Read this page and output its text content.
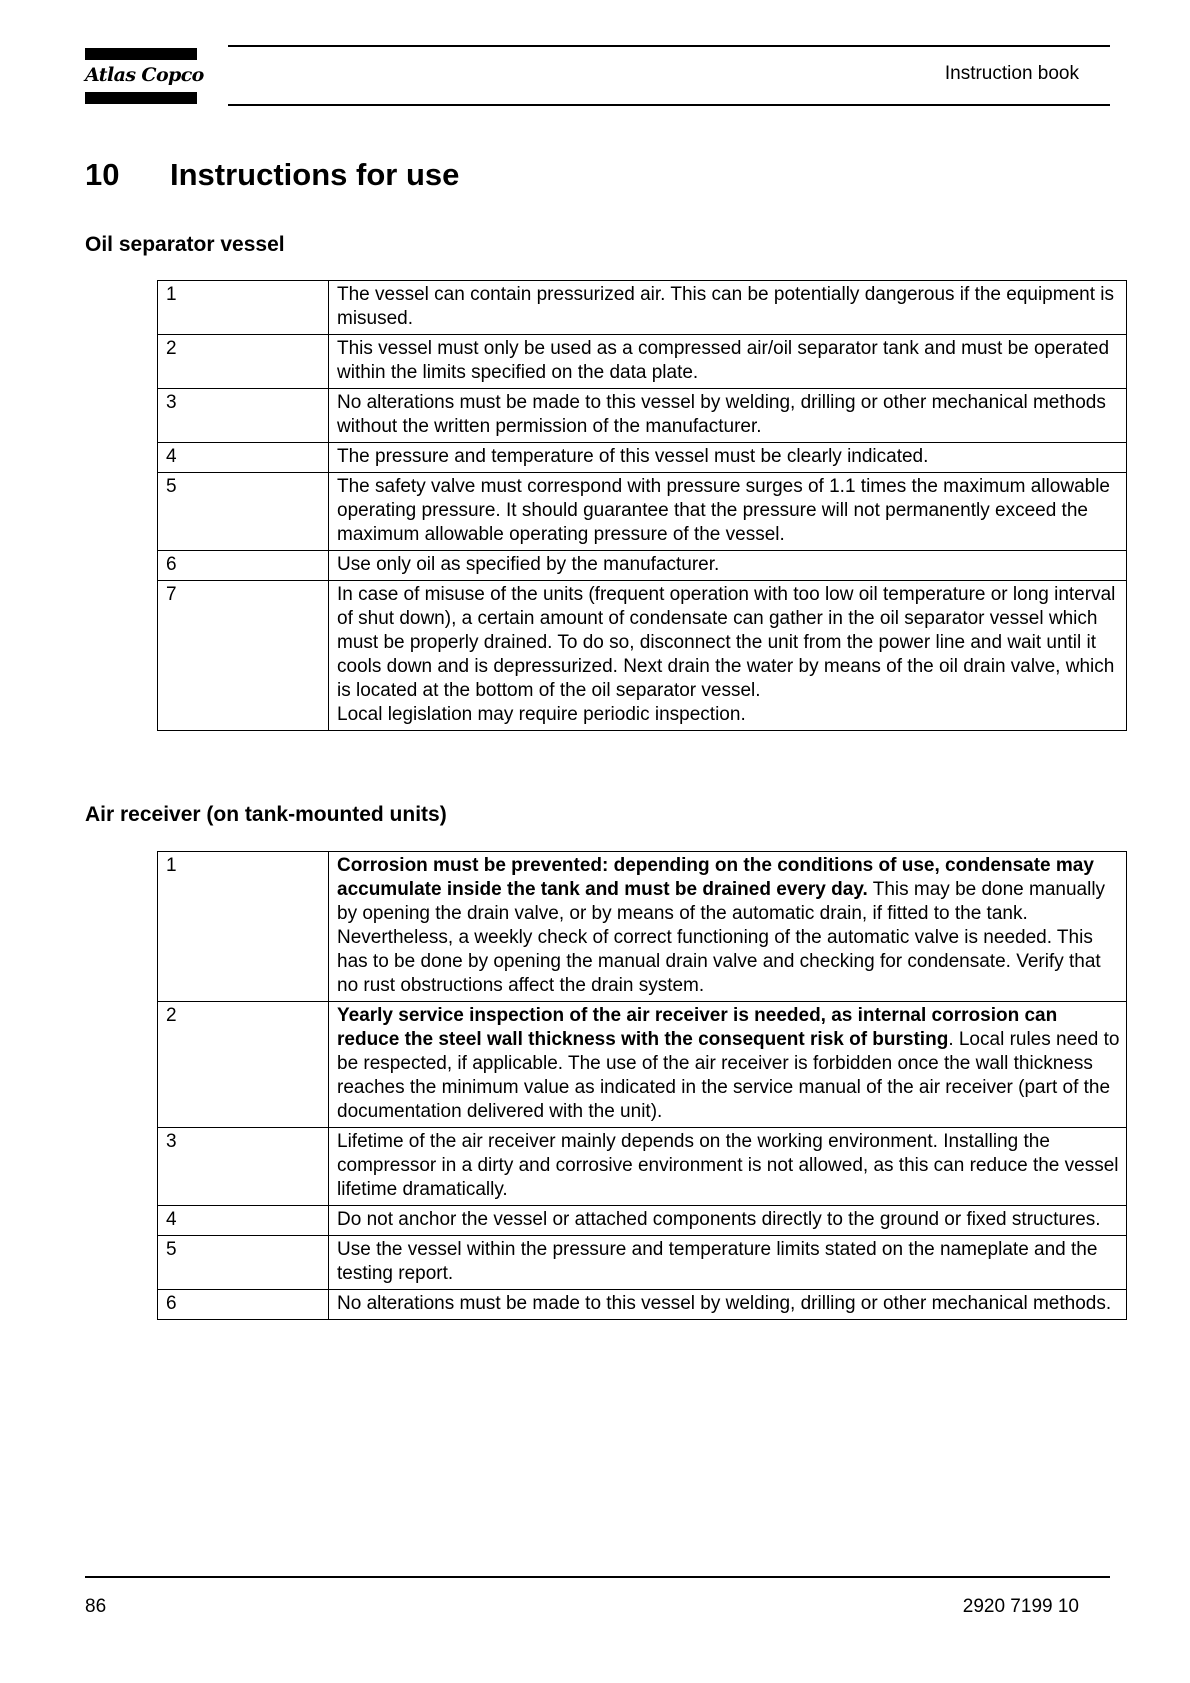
Atlas Copco	Instruction book
10 Instructions for use
Oil separator vessel
1	The vessel can contain pressurized air. This can be potentially dangerous if the equipment is misused.
2	This vessel must only be used as a compressed air/oil separator tank and must be operated within the limits specified on the data plate.
3	No alterations must be made to this vessel by welding, drilling or other mechanical methods without the written permission of the manufacturer.
4	The pressure and temperature of this vessel must be clearly indicated.
5	The safety valve must correspond with pressure surges of 1.1 times the maximum allowable operating pressure. It should guarantee that the pressure will not permanently exceed the maximum allowable operating pressure of the vessel.
6	Use only oil as specified by the manufacturer.
7	In case of misuse of the units (frequent operation with too low oil temperature or long interval of shut down), a certain amount of condensate can gather in the oil separator vessel which must be properly drained. To do so, disconnect the unit from the power line and wait until it cools down and is depressurized. Next drain the water by means of the oil drain valve, which is located at the bottom of the oil separator vessel.
Local legislation may require periodic inspection.
Air receiver (on tank-mounted units)
1	Corrosion must be prevented: depending on the conditions of use, condensate may accumulate inside the tank and must be drained every day. This may be done manually by opening the drain valve, or by means of the automatic drain, if fitted to the tank. Nevertheless, a weekly check of correct functioning of the automatic valve is needed. This has to be done by opening the manual drain valve and checking for condensate. Verify that no rust obstructions affect the drain system.
2	Yearly service inspection of the air receiver is needed, as internal corrosion can reduce the steel wall thickness with the consequent risk of bursting. Local rules need to be respected, if applicable. The use of the air receiver is forbidden once the wall thickness reaches the minimum value as indicated in the service manual of the air receiver (part of the documentation delivered with the unit).
3	Lifetime of the air receiver mainly depends on the working environment. Installing the compressor in a dirty and corrosive environment is not allowed, as this can reduce the vessel lifetime dramatically.
4	Do not anchor the vessel or attached components directly to the ground or fixed structures.
5	Use the vessel within the pressure and temperature limits stated on the nameplate and the testing report.
6	No alterations must be made to this vessel by welding, drilling or other mechanical methods.
86	2920 7199 10
